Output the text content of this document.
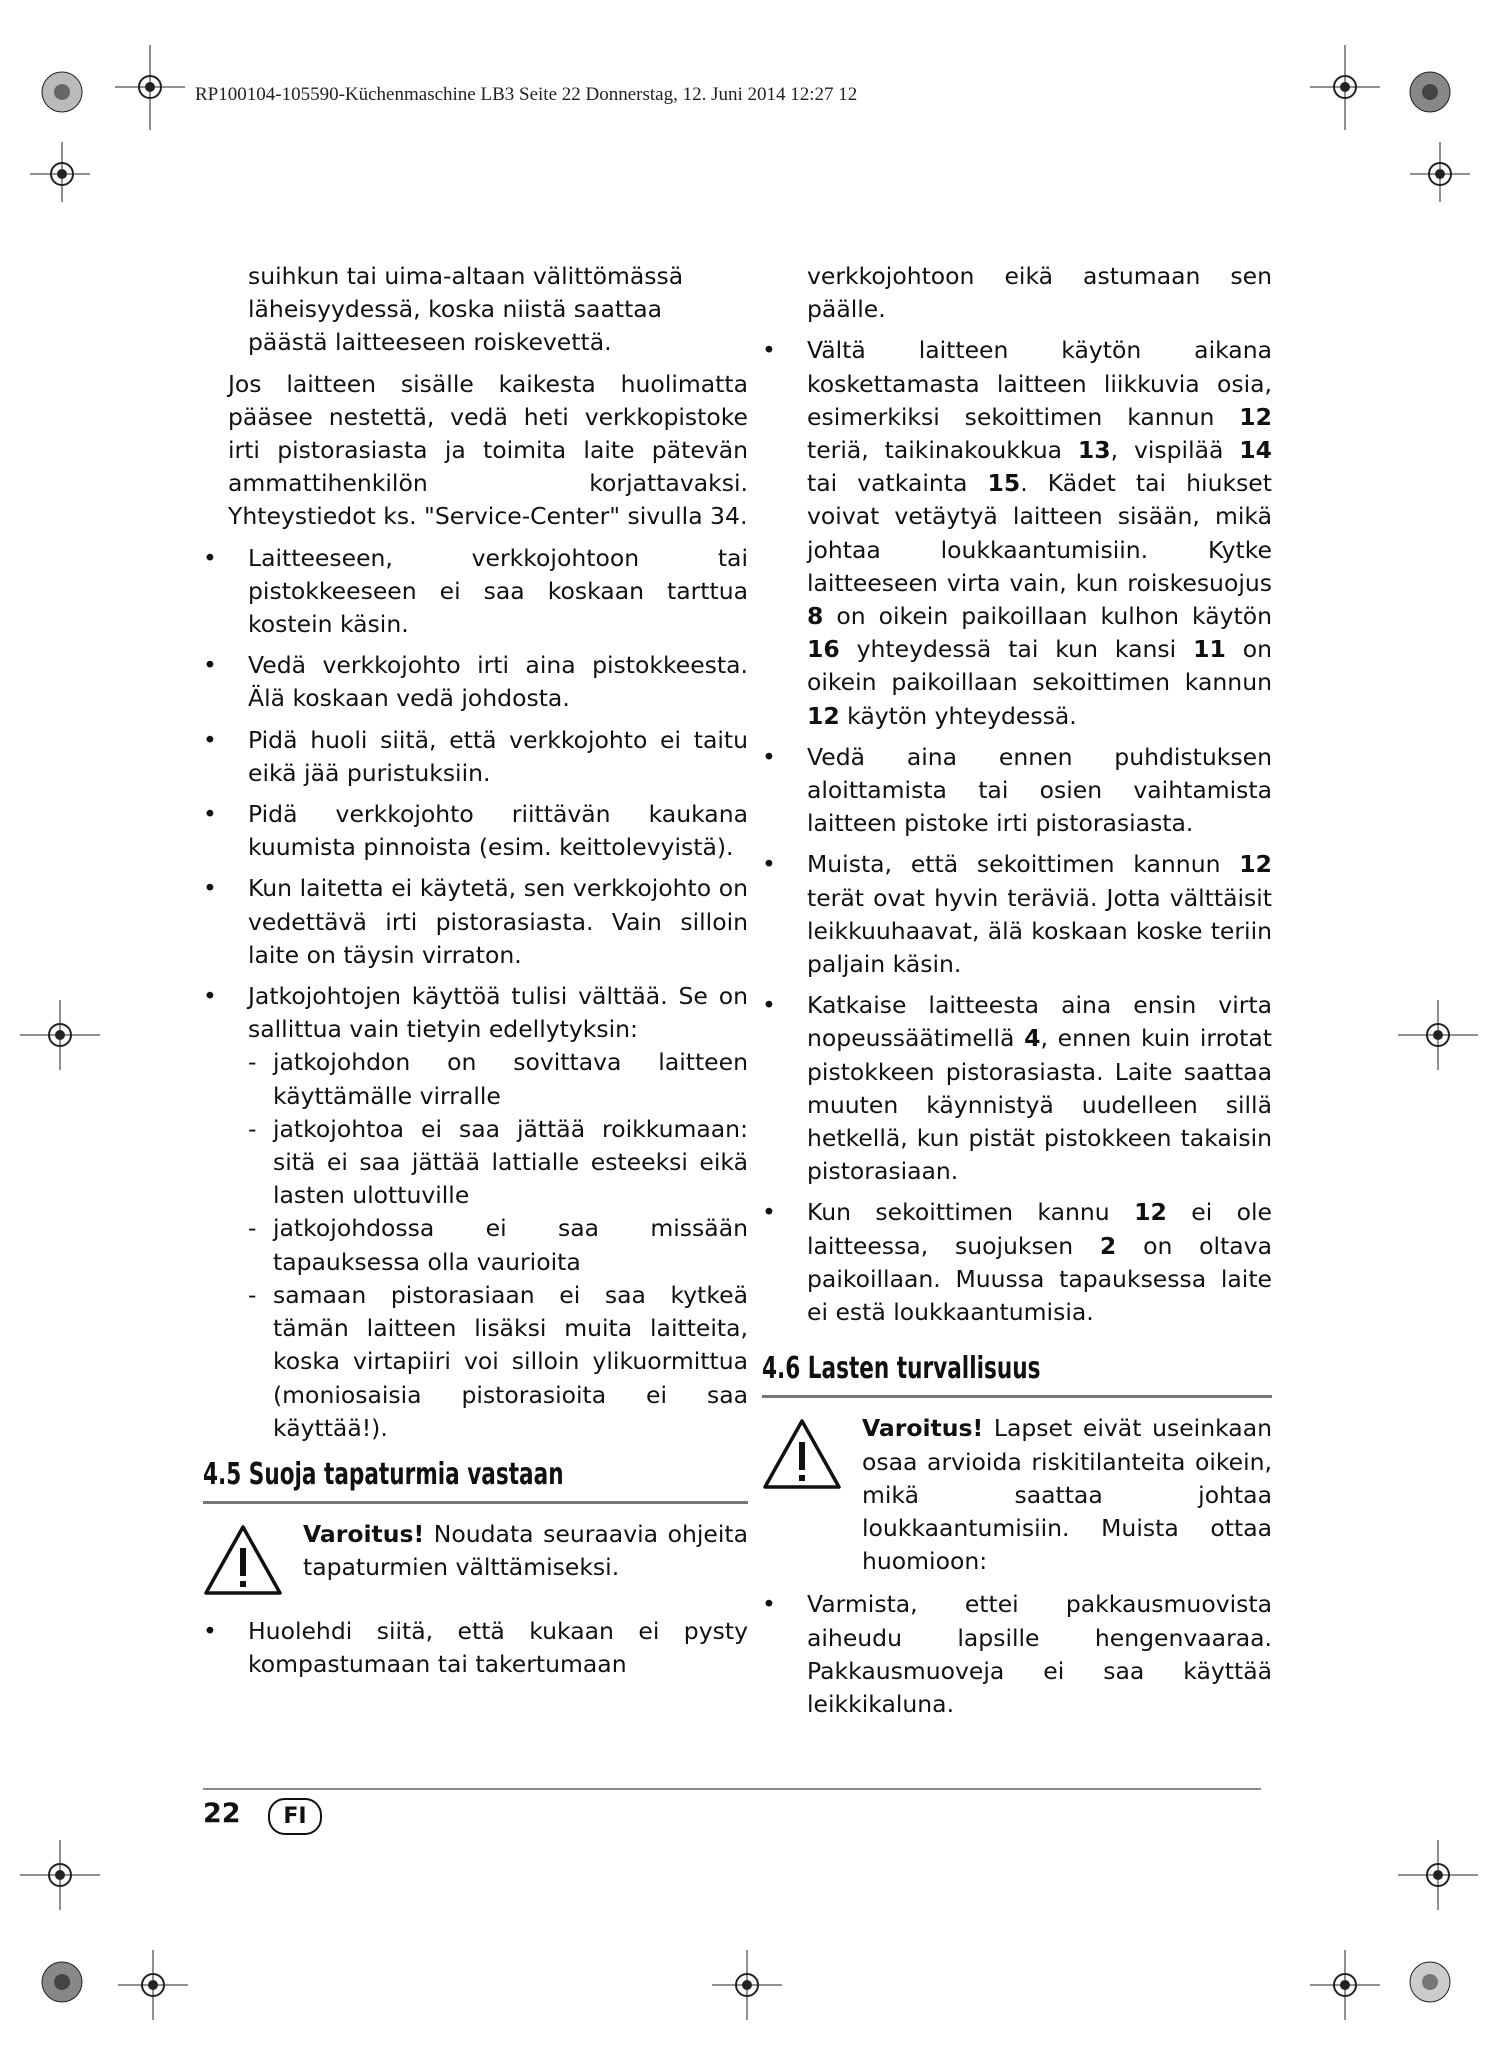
RP100104-105590-Küchenmaschine LB3 Seite 22 Donnerstag, 12. Juni 2014 12:27 12

suihkun tai uima-altaan välittömässä

läheisyydessä, koska niistä saattaa

päästä laitteeseen roiskevettä.

Jos laitteen sisälle kaikesta huolimatta pääsee nestettä, vedä heti verkkopistoke irti pistorasiasta ja toimita laite pätevän ammattihenkilön korjattavaksi. Yhteystiedot ks. "Service-Center" sivulla 34.

• Laitteeseen, verkkojohtoon tai pistokkeeseen ei saa koskaan tarttua kostein käsin.

• Vedä verkkojohto irti aina pistokkeesta. Älä koskaan vedä johdosta.

• Pidä huoli siitä, että verkkojohto ei taitu eikä jää puristuksiin.

• Pidä verkkojohto riittävän kaukana kuumista pinnoista (esim. keittolevyistä).

• Kun laitetta ei käytetä, sen verkkojohto on vedettävä irti pistorasiasta. Vain silloin laite on täysin virraton.

• Jatkojohtojen käyttöä tulisi välttää. Se on sallittua vain tietyin edellytyksin:

- jatkojohdon on sovittava laitteen käyttämälle virralle

- jatkojohtoa ei saa jättää roikkumaan: sitä ei saa jättää lattialle esteeksi eikä lasten ulottuville

- jatkojohdossa ei saa missään tapauksessa olla vaurioita

- samaan pistorasiaan ei saa kytkeä tämän laitteen lisäksi muita laitteita, koska virtapiiri voi silloin ylikuormittua (moniosaisia pistorasioita ei saa käyttää!).

4.5 Suoja tapaturmia vastaan
Varoitus! Noudata seuraavia ohjeita tapaturmien välttämiseksi.

• Huolehdi siitä, että kukaan ei pysty kompastumaan tai takertumaan

verkkojohtoon eikä astumaan sen päälle.

• Vältä laitteen käytön aikana koskettamasta laitteen liikkuvia osia, esimerkiksi sekoittimen kannun 12 teriä, taikinakoukkua 13, vispilää 14 tai vatkainta 15. Kädet tai hiukset voivat vetäytyä laitteen sisään, mikä johtaa loukkaantumisiin. Kytke laitteeseen virta vain, kun roiskesuojus 8 on oikein paikoillaan kulhon käytön 16 yhteydessä tai kun kansi 11 on oikein paikoillaan sekoittimen kannun 12 käytön yhteydessä.

• Vedä aina ennen puhdistuksen aloittamista tai osien vaihtamista laitteen pistoke irti pistorasiasta.

• Muista, että sekoittimen kannun 12 terät ovat hyvin teräviä. Jotta välttäisit leikkuuhaavat, älä koskaan koske teriin paljain käsin.

• Katkaise laitteesta aina ensin virta nopeussäätimellä 4, ennen kuin irrotat pistokkeen pistorasiasta. Laite saattaa muuten käynnistyä uudelleen sillä hetkellä, kun pistät pistokkeen takaisin pistorasiaan.

• Kun sekoittimen kannu 12 ei ole laitteessa, suojuksen 2 on oltava paikoillaan. Muussa tapauksessa laite ei estä loukkaantumisia.

4.6 Lasten turvallisuus
Varoitus! Lapset eivät useinkaan osaa arvioida riskitilanteita oikein, mikä saattaa johtaa loukkaantumisiin. Muista ottaa huomioon:

• Varmista, ettei pakkausmuovista aiheudu lapsille hengenvaaraa. Pakkausmuoveja ei saa käyttää leikkikaluna.

22	FI
